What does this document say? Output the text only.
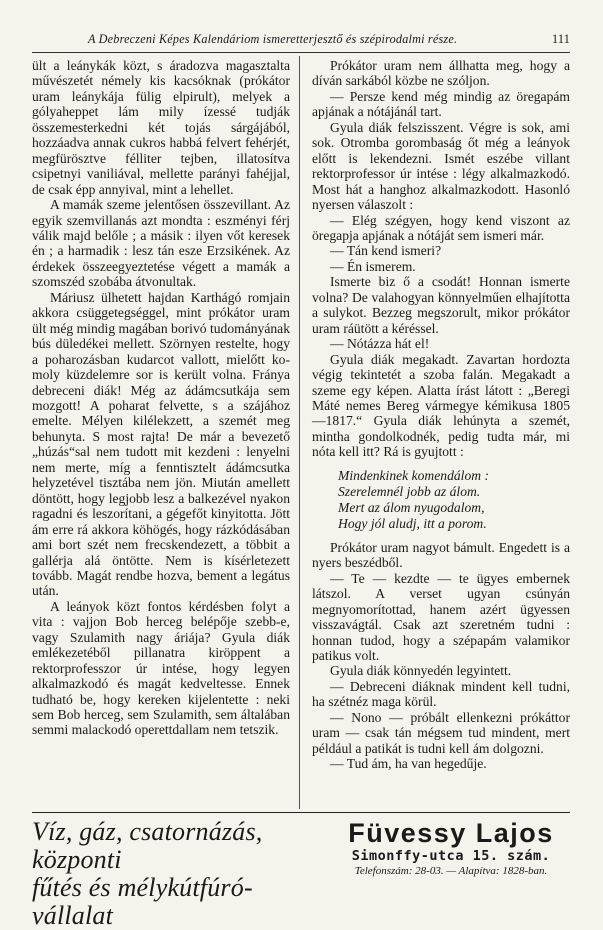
A Debreczeni Képes Kalendáriom ismeretterjesztő és szépirodalmi része.	111

ült a leánykák közt, s áradozva magasztalta művészetét némely kis kacsóknak (prókátor uram leánykája fülig elpirult), melyek a gólyaheppet lám mily ízessé tudják összemesterkedni két tojás sárgájából, hozzáadva annak cukros habbá felvert fehérjét, megfürösztve félliter tejben, illatosítva csipetnyi vaniliával, mellette parányi fahéjjal, de csak épp annyival, mint a lehellet.

A mamák szeme jelentősen összevillant. Az egyik szemvillanás azt mondta : eszményi férj válik majd belőle ; a másik : ilyen vőt keresek én ; a harmadik : lesz tán esze Erzsikének. Az érdekek összeegyeztetése végett a mamák a szomszéd szobába átvonultak.

Máriusz ülhetett hajdan Karthágó romjain akkora csüggetegséggel, mint prókátor uram ült még mindig magában borivó tudományának bús düledékei mellett. Szörnyen restelte, hogy a poharozásban kudarcot vallott, mielőtt komoly küzdelemre sor is került volna. Fránya debreceni diák! Még az ádámcsutkája sem mozgott! A poharat felvette, s a szájához emelte. Mélyen kilélekzett, a szemét meg behunyta. S most rajta! De már a bevezető „húzás“sal nem tudott mit kezdeni : lenyelni nem merte, míg a fenntisztelt ádámcsutka helyzetével tisztába nem jön. Miután amellett döntött, hogy legjobb lesz a balkezével nyakon ragadni és leszorítani, a gégefőt kinyitotta. Jött ám erre rá akkora köhögés, hogy rázkódásában ami bort szét nem frecskendezett, a többit a gallérja alá öntötte. Nem is kísérletezett tovább. Magát rendbe hozva, bement a legátus után.

A leányok közt fontos kérdésben folyt a vita : vajjon Bob herceg belépője szebb-e, vagy Szulamith nagy áriája? Gyula diák emlékezetéből pillanatra kiröppent a rektorprofesszor úr intése, hogy legyen alkalmazkodó és magát kedveltesse. Ennek tudható be, hogy kereken kijelentette : neki sem Bob herceg, sem Szulamith, sem általában semmi malackodó operettdallam nem tetszik.

Prókátor uram nem állhatta meg, hogy a díván sarkából közbe ne szóljon.

— Persze kend még mindig az öregapám apjának a nótájánál tart.

Gyula diák felszisszent. Végre is sok, ami sok. Otromba gorombaság őt még a leányok előtt is lekendezni. Ismét eszébe villant rektorprofessor úr intése : légy alkalmazkodó. Most hát a hanghoz alkalmazkodott. Hasonló nyersen válaszolt :

— Elég szégyen, hogy kend viszont az öregapja apjának a nótáját sem ismeri már.

— Tán kend ismeri?

— Én ismerem.

Ismerte biz ő a csodát! Honnan ismerte volna? De valahogyan könnyelműen elhajította a sulykot. Bezzeg megszorult, mikor prókátor uram ráütött a kéréssel.

— Nótázza hát el!

Gyula diák megakadt. Zavartan hordozta végig tekintetét a szoba falán. Megakadt a szeme egy képen. Alatta írást látott : „Beregi Máté nemes Bereg vármegye kémikusa 1805—1817.“ Gyula diák lehúnyta a szemét, mintha gondolkodnék, pedig tudta már, mi nóta kell itt? Rá is gyujtott :

Mindenkinek komendálom :
Szerelemnél jobb az álom.
Mert az álom nyugodalom,
Hogy jól aludj, itt a porom.

Prókátor uram nagyot bámult. Engedett is a nyers beszédből.

— Te — kezdte — te ügyes embernek látszol. A verset ugyan csúnyán megnyomorítottad, hanem azért ügyessen visszavágtál. Csak azt szeretném tudni : honnan tudod, hogy a szépapám valamikor patikus volt.

Gyula diák könnyedén legyintett.

— Debreceni diáknak mindent kell tudni, ha szétnéz maga körül.

— Nono — próbált ellenkezni prókáttor uram — csak tán mégsem tud mindent, mert például a patikát is tudni kell ám dolgozni.

— Tud ám, ha van hegedűje.

Víz, gáz, csatornázás, központi
fűtés és mélykútfúró-vállalat
Füvessy Lajos
Simonffy-utca 15. szám.
Telefonszám: 28-03. — Alapítva: 1828-ban.
